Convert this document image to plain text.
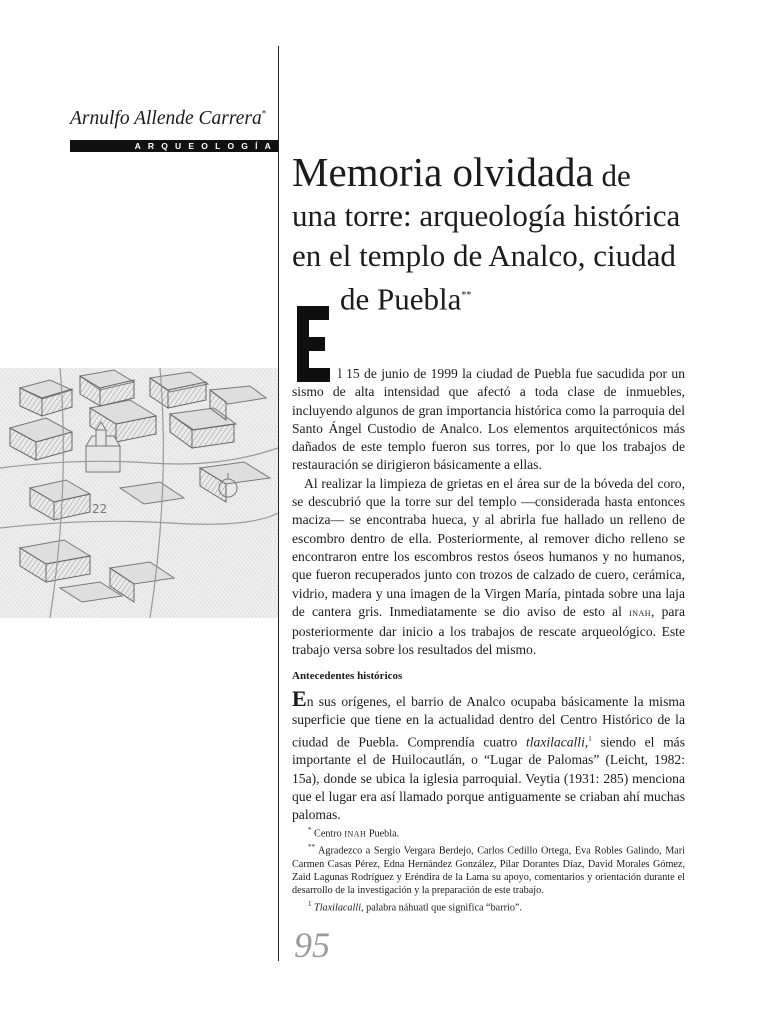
Arnulfo Allende Carrera*
ARQUEOLOGÍA
Memoria olvidada de
una torre: arqueología histórica
en el templo de Analco, ciudad
de Puebla**
22

l 15 de junio de 1999 la ciudad de Puebla fue sacudida por un sismo de alta intensidad que afectó a toda clase de inmuebles, incluyendo algunos de gran importancia histórica como la parroquia del Santo Ángel Custodio de Analco. Los elementos arquitectónicos más dañados de este templo fueron sus torres, por lo que los trabajos de restauración se dirigieron básicamente a ellas.

Al realizar la limpieza de grietas en el área sur de la bóveda del coro, se descubrió que la torre sur del templo —considerada hasta entonces maciza— se encontraba hueca, y al abrirla fue hallado un relleno de escombro dentro de ella. Posteriormente, al remover dicho relleno se encontraron entre los escombros restos óseos humanos y no humanos, que fueron recuperados junto con trozos de calzado de cuero, cerámica, vidrio, madera y una imagen de la Virgen María, pintada sobre una laja de cantera gris. Inmediatamente se dio aviso de esto al INAH, para posteriormente dar inicio a los trabajos de rescate arqueológico. Este trabajo versa sobre los resultados del mismo.

Antecedentes históricos
En sus orígenes, el barrio de Analco ocupaba básicamente la misma superficie que tiene en la actualidad dentro del Centro Histórico de la ciudad de Puebla. Comprendía cuatro tlaxilacalli,$^1$ siendo el más importante el de Huilocautlán, o “Lugar de Palomas” (Leicht, 1982: 15a), donde se ubica la iglesia parroquial. Veytia (1931: 285) menciona que el lugar era así llamado porque antiguamente se criaban ahí muchas palomas.

* Centro INAH Puebla.

** Agradezco a Sergio Vergara Berdejo, Carlos Cedillo Ortega, Eva Robles Galindo, Mari Carmen Casas Pérez, Edna Hernández González, Pilar Dorantes Díaz, David Morales Gómez, Zaid Lagunas Rodríguez y Eréndira de la Lama su apoyo, comentarios y orientación durante el desarrollo de la investigación y la preparación de este trabajo.

$^1$ Tlaxilacalli, palabra náhuatl que significa “barrio”.

95
